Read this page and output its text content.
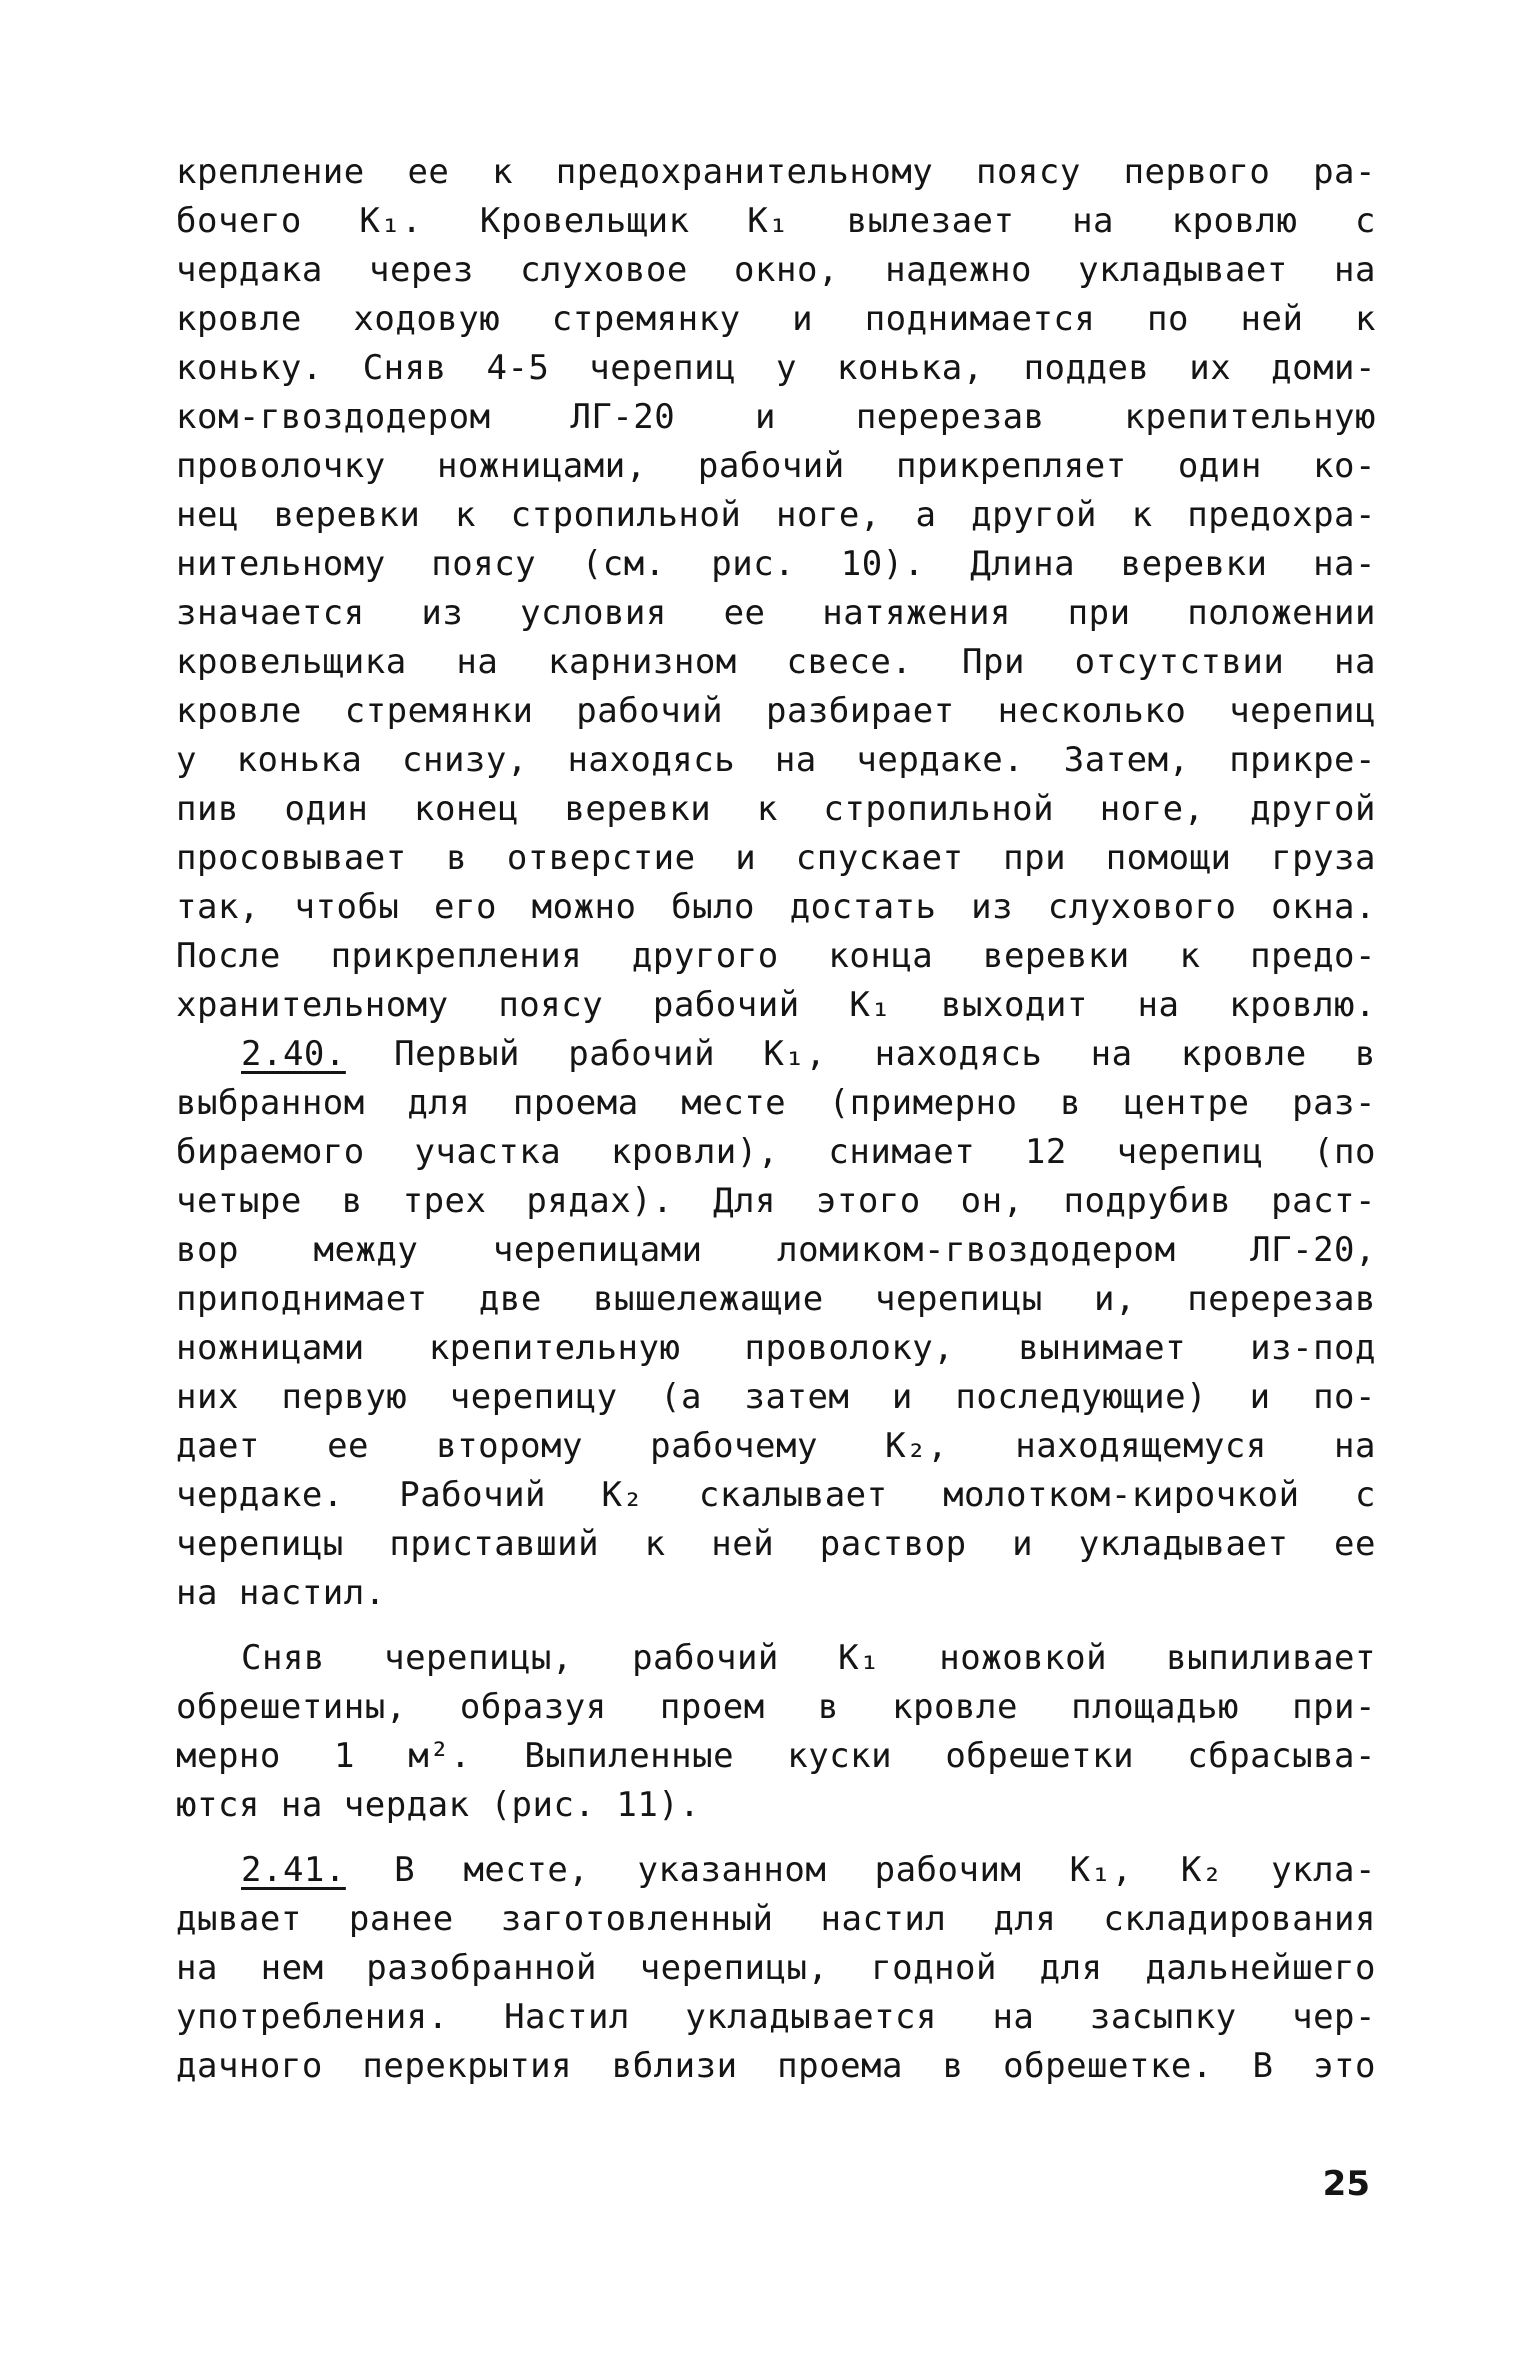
крепление ее к предохранительному поясу первого ра-
бочего К₁. Кровельщик К₁ вылезает на кровлю с
чердака через слуховое окно, надежно укладывает на
кровле ходовую стремянку и поднимается по ней к
коньку. Сняв 4-5 черепиц у конька, поддев их доми-
ком-гвоздодером ЛГ-20 и перерезав крепительную
проволочку ножницами, рабочий прикрепляет один ко-
нец веревки к стропильной ноге, а другой к предохра-
нительному поясу (см. рис. 10). Длина веревки на-
значается из условия ее натяжения при положении
кровельщика на карнизном свесе. При отсутствии на
кровле стремянки рабочий разбирает несколько черепиц
у конька снизу, находясь на чердаке. Затем, прикре-
пив один конец веревки к стропильной ноге, другой
просовывает в отверстие и спускает при помощи груза
так, чтобы его можно было достать из слухового окна.
После прикрепления другого конца веревки к предо-
хранительному поясу рабочий К₁ выходит на кровлю.
2.40. Первый рабочий К₁, находясь на кровле в
выбранном для проема месте (примерно в центре раз-
бираемого участка кровли), снимает 12 черепиц (по
четыре в трех рядах). Для этого он, подрубив раст-
вор между черепицами ломиком-гвоздодером ЛГ-20,
приподнимает две вышележащие черепицы и, перерезав
ножницами крепительную проволоку, вынимает из-под
них первую черепицу (а затем и последующие) и по-
дает ее второму рабочему К₂, находящемуся на
чердаке. Рабочий К₂ скалывает молотком-кирочкой с
черепицы приставший к ней раствор и укладывает ее
на настил.
Сняв черепицы, рабочий К₁ ножовкой выпиливает
обрешетины, образуя проем в кровле площадью при-
мерно 1 м². Выпиленные куски обрешетки сбрасыва-
ются на чердак (рис. 11).
2.41. В месте, указанном рабочим К₁, К₂ укла-
дывает ранее заготовленный настил для складирования
на нем разобранной черепицы, годной для дальнейшего
употребления. Настил укладывается на засыпку чер-
дачного перекрытия вблизи проема в обрешетке. В это
25
